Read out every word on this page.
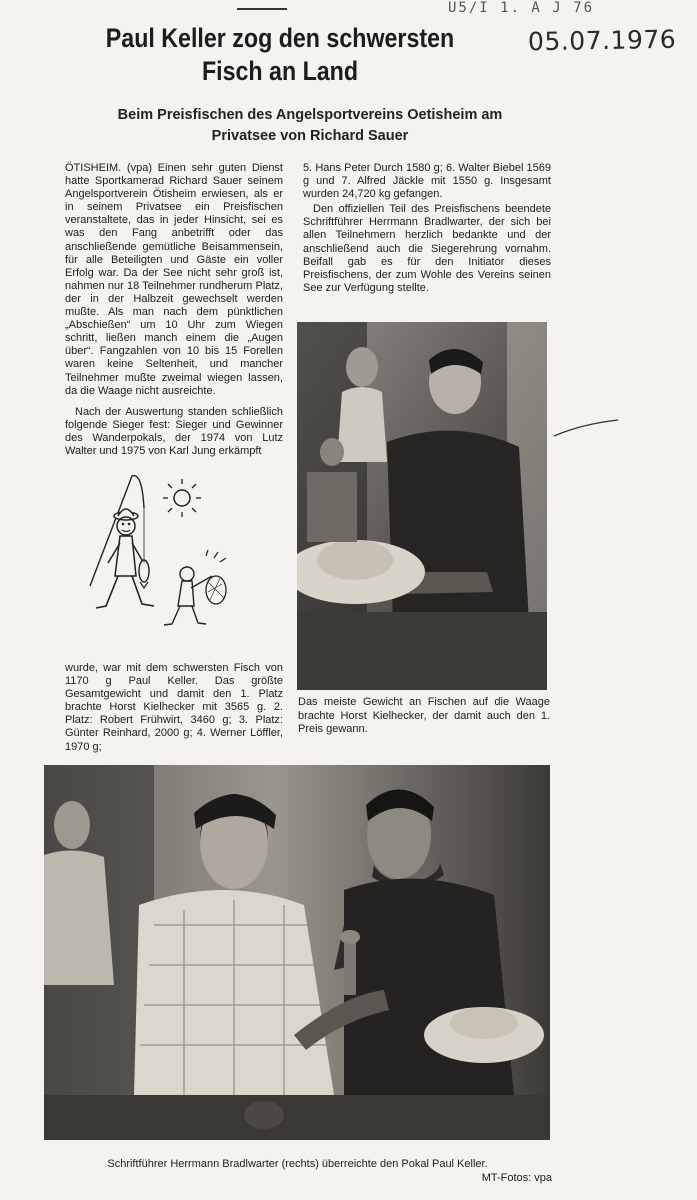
U5/I 1. A J 76
05.07.1976
Paul Keller zog den schwersten
Fisch an Land
Beim Preisfischen des Angelsportvereins Oetisheim am
Privatsee von Richard Sauer

ÖTISHEIM. (vpa) Einen sehr guten Dienst hatte Sportkamerad Richard Sauer seinem Angelsportverein Ötisheim erwiesen, als er in seinem Privatsee ein Preisfischen veranstaltete, das in jeder Hinsicht, sei es was den Fang anbetrifft oder das anschließende gemütliche Beisammensein, für alle Beteiligten und Gäste ein voller Erfolg war. Da der See nicht sehr groß ist, nahmen nur 18 Teilnehmer rundherum Platz, der in der Halbzeit gewechselt werden mußte. Als man nach dem pünktlichen „Abschießen“ um 10 Uhr zum Wiegen schritt, ließen manch einem die „Augen über“. Fangzahlen von 10 bis 15 Forellen waren keine Seltenheit, und mancher Teilnehmer mußte zweimal wiegen lassen, da die Waage nicht ausreichte.

Nach der Auswertung standen schließlich folgende Sieger fest: Sieger und Gewinner des Wanderpokals, der 1974 von Lutz Walter und 1975 von Karl Jung erkämpft

wurde, war mit dem schwersten Fisch von 1170 g Paul Keller. Das größte Gesamtgewicht und damit den 1. Platz brachte Horst Kielhecker mit 3565 g. 2. Platz: Robert Frühwirt, 3460 g; 3. Platz: Günter Reinhard, 2000 g; 4. Werner Löffler, 1970 g;

5. Hans Peter Durch 1580 g; 6. Walter Biebel 1569 g und 7. Alfred Jäckle mit 1550 g. Insgesamt wurden 24,720 kg gefangen.

Den offiziellen Teil des Preisfischens beendete Schriftführer Herrmann Bradlwarter, der sich bei allen Teilnehmern herzlich bedankte und der anschließend auch die Siegerehrung vornahm. Beifall gab es für den Initiator dieses Preisfischens, der zum Wohle des Vereins seinen See zur Verfügung stellte.

Das meiste Gewicht an Fischen auf die Waage brachte Horst Kielhecker, der damit auch den 1. Preis gewann.
Schriftführer Herrmann Bradlwarter (rechts) überreichte den Pokal Paul Keller.
MT-Fotos: vpa
